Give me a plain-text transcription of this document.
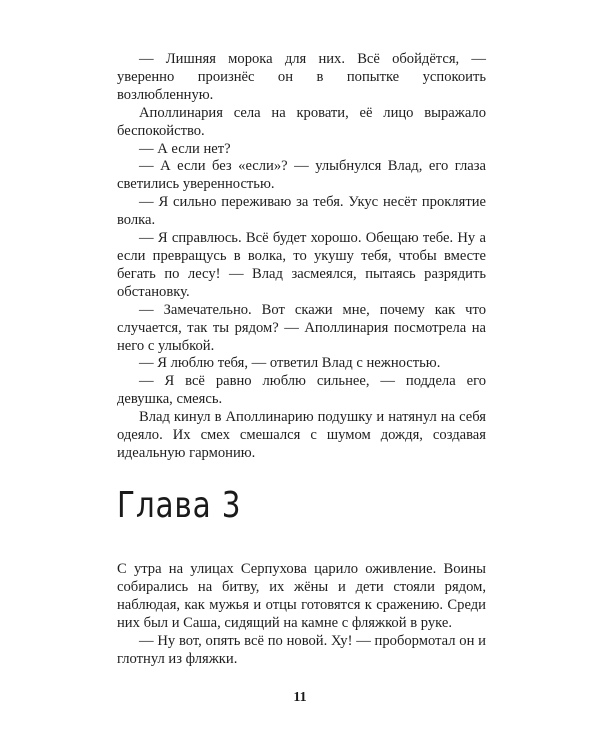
— Лишняя морока для них. Всё обойдётся, — уверенно произнёс он в попытке успокоить возлюбленную.

Аполлинария села на кровати, её лицо выражало беспокойство.

— А если нет?

— А если без «если»? — улыбнулся Влад, его глаза светились уверенностью.

— Я сильно переживаю за тебя. Укус несёт проклятие волка.

— Я справлюсь. Всё будет хорошо. Обещаю тебе. Ну а если превращусь в волка, то укушу тебя, чтобы вместе бегать по лесу! — Влад засмеялся, пытаясь разрядить обстановку.

— Замечательно. Вот скажи мне, почему как что случается, так ты рядом? — Аполлинария посмотрела на него с улыбкой.

— Я люблю тебя, — ответил Влад с нежностью.

— Я всё равно люблю сильнее, — поддела его девушка, смеясь.

Влад кинул в Аполлинарию подушку и натянул на себя одеяло. Их смех смешался с шумом дождя, создавая идеальную гармонию.

Глава 3

С утра на улицах Серпухова царило оживление. Воины собирались на битву, их жёны и дети стояли рядом, наблюдая, как мужья и отцы готовятся к сражению. Среди них был и Саша, сидящий на камне с фляжкой в руке.

— Ну вот, опять всё по новой. Ху! — пробормотал он и глотнул из фляжки.

11
